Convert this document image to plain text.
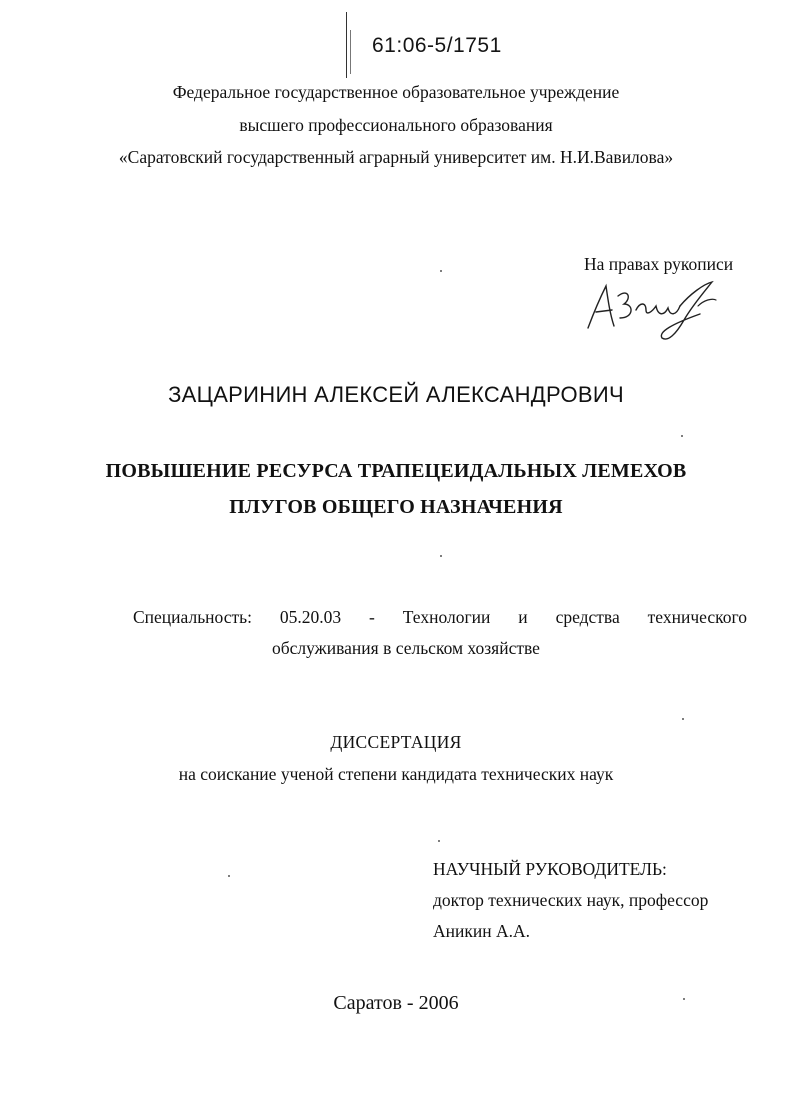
61:06-5/1751
Федеральное государственное образовательное учреждение
высшего профессионального образования
«Саратовский государственный аграрный университет им. Н.И.Вавилова»
На правах рукописи
ЗАЦАРИНИН АЛЕКСЕЙ АЛЕКСАНДРОВИЧ
ПОВЫШЕНИЕ РЕСУРСА ТРАПЕЦЕИДАЛЬНЫХ ЛЕМЕХОВ
ПЛУГОВ ОБЩЕГО НАЗНАЧЕНИЯ
Специальность: 05.20.03 - Технологии и средства технического
обслуживания в сельском хозяйстве
ДИССЕРТАЦИЯ
на соискание ученой степени кандидата технических наук
НАУЧНЫЙ РУКОВОДИТЕЛЬ:
доктор технических наук, профессор
Аникин А.А.
Саратов - 2006
